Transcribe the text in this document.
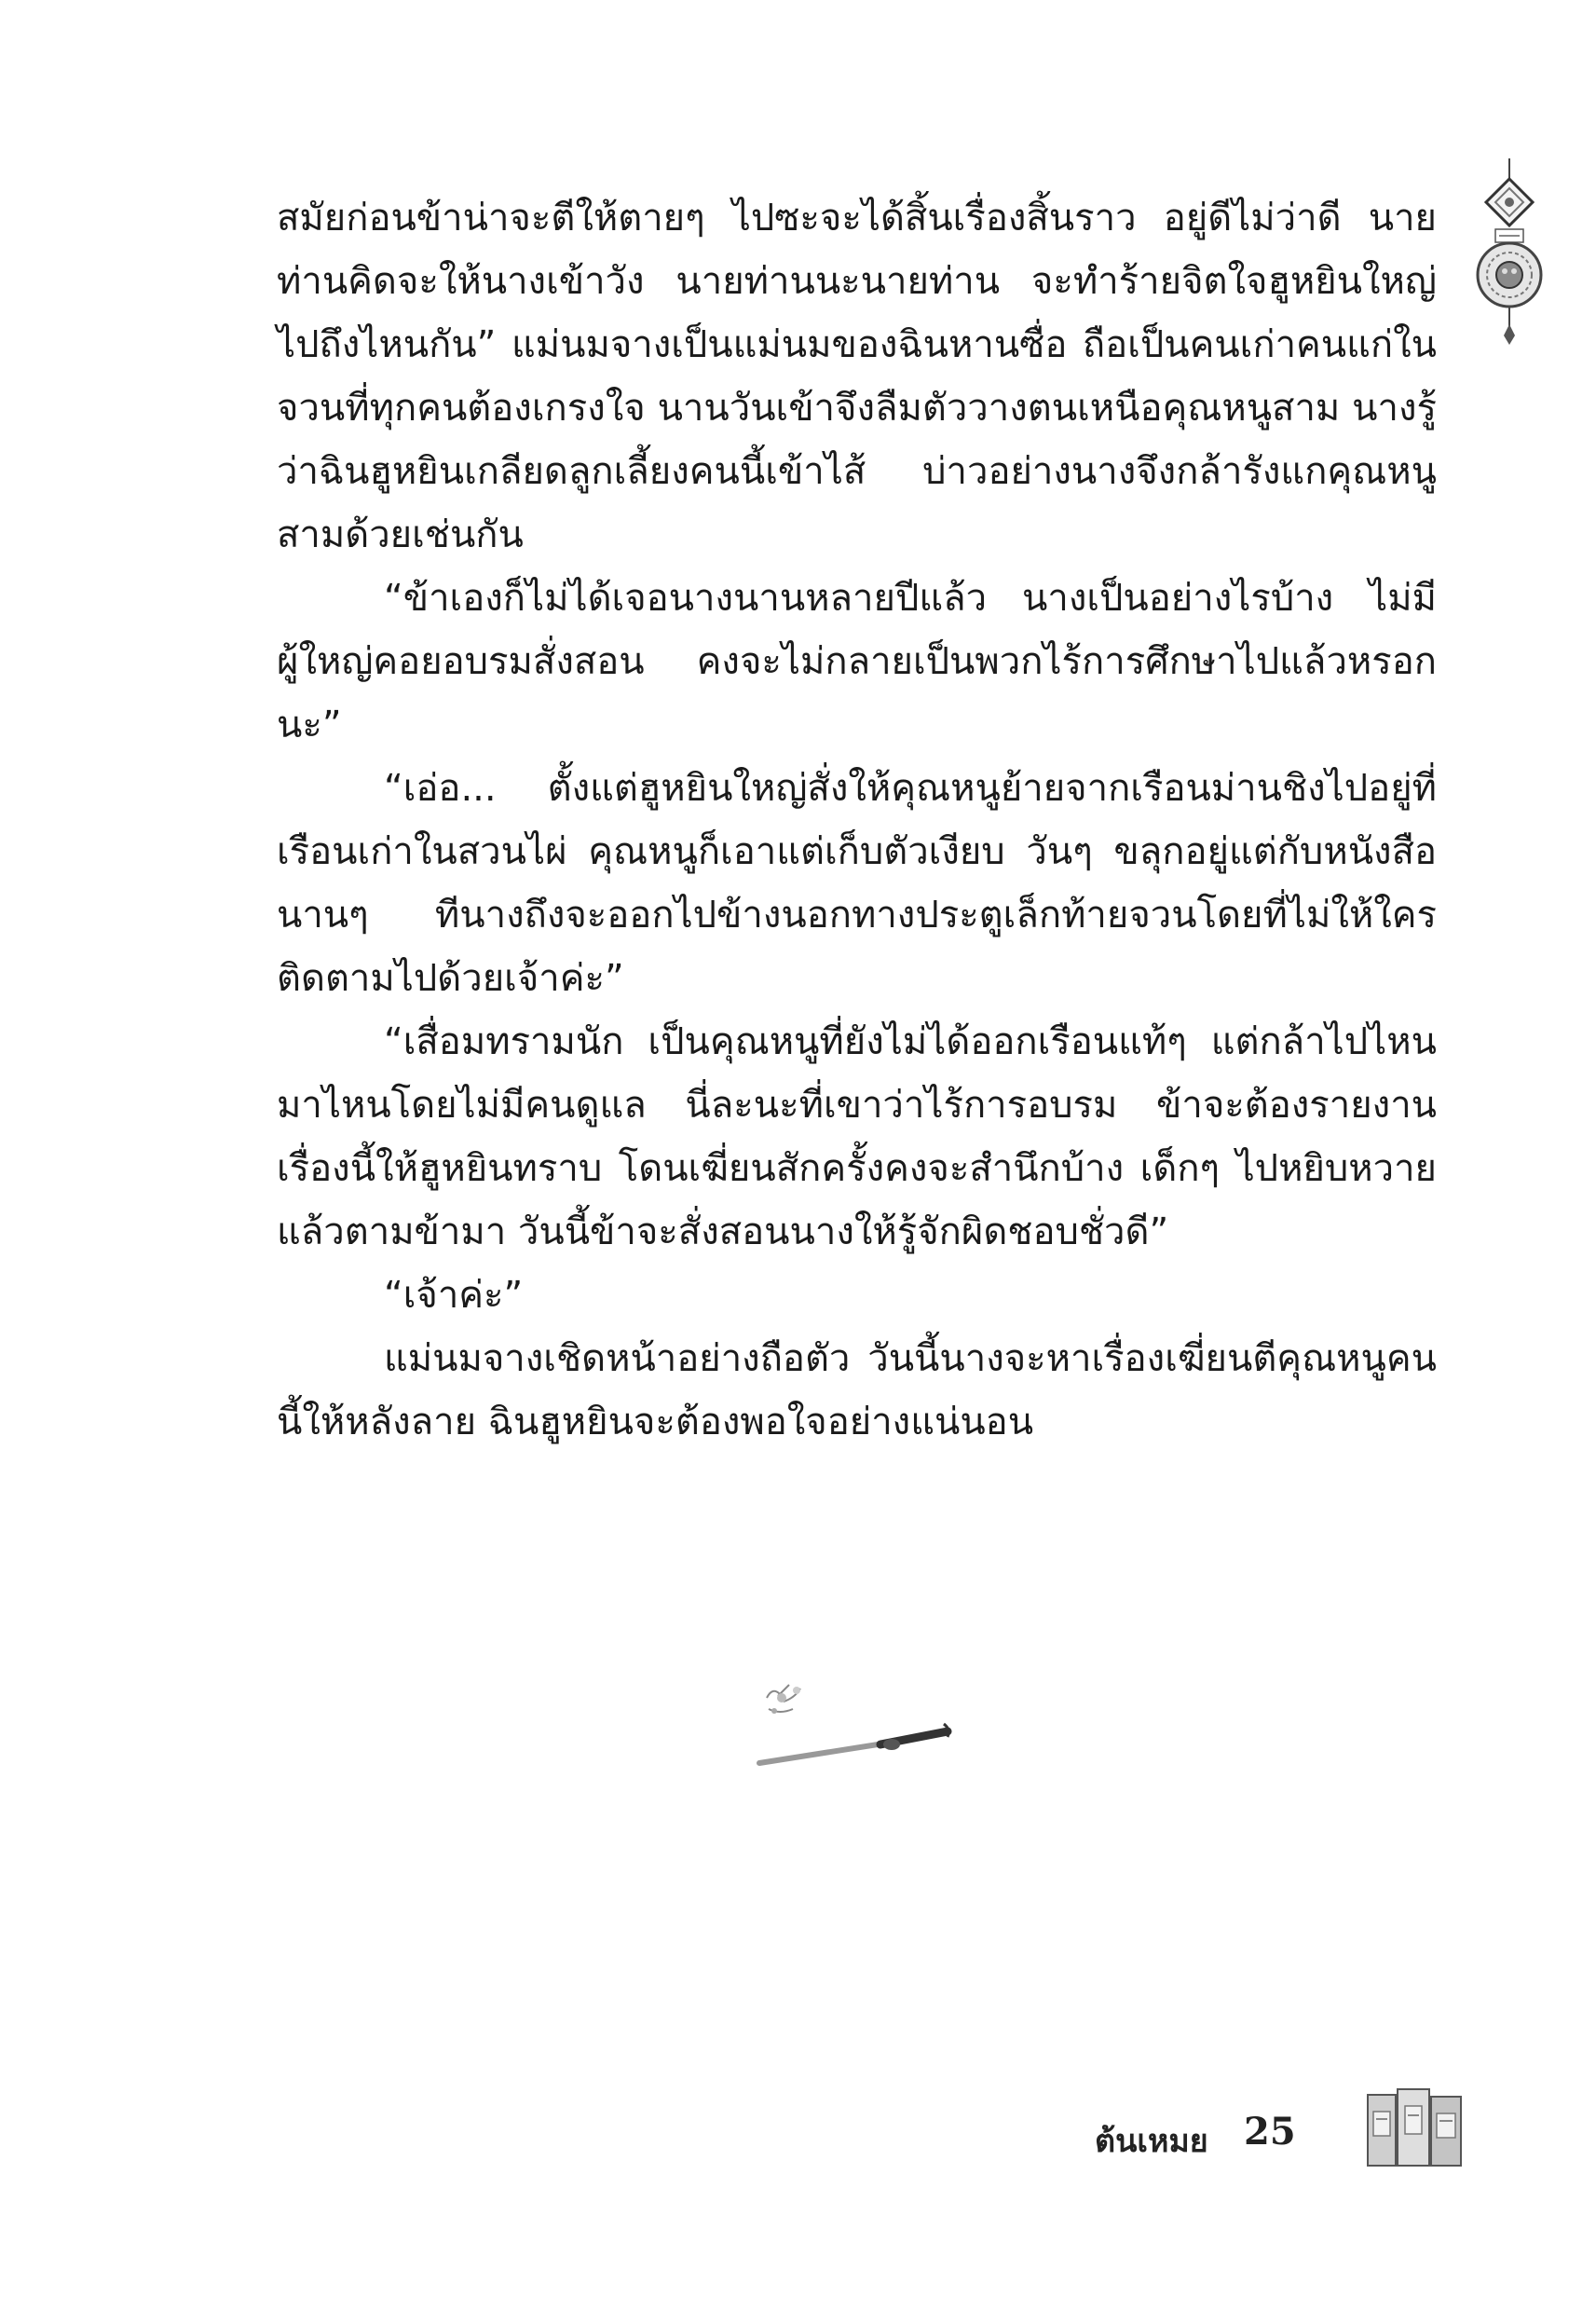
สมัยก่อนข้าน่าจะตีให้ตายๆ ไปซะจะได้สิ้นเรื่องสิ้นราว อยู่ดีไม่ว่าดี นายท่านคิดจะให้นางเข้าวัง นายท่านนะนายท่าน จะทำร้ายจิตใจฮูหยินใหญ่ไปถึงไหนกัน” แม่นมจางเป็นแม่นมของฉินหานซื่อ ถือเป็นคนเก่าคนแก่ในจวนที่ทุกคนต้องเกรงใจ นานวันเข้าจึงลืมตัววางตนเหนือคุณหนูสาม นางรู้ว่าฉินฮูหยินเกลียดลูกเลี้ยงคนนี้เข้าไส้ บ่าวอย่างนางจึงกล้ารังแกคุณหนูสามด้วยเช่นกัน

“ข้าเองก็ไม่ได้เจอนางนานหลายปีแล้ว นางเป็นอย่างไรบ้าง ไม่มีผู้ใหญ่คอยอบรมสั่งสอน คงจะไม่กลายเป็นพวกไร้การศึกษาไปแล้วหรอกนะ”

“เอ่อ... ตั้งแต่ฮูหยินใหญ่สั่งให้คุณหนูย้ายจากเรือนม่านชิงไปอยู่ที่เรือนเก่าในสวนไผ่ คุณหนูก็เอาแต่เก็บตัวเงียบ วันๆ ขลุกอยู่แต่กับหนังสือ นานๆ ทีนางถึงจะออกไปข้างนอกทางประตูเล็กท้ายจวนโดยที่ไม่ให้ใครติดตามไปด้วยเจ้าค่ะ”

“เสื่อมทรามนัก เป็นคุณหนูที่ยังไม่ได้ออกเรือนแท้ๆ แต่กล้าไปไหนมาไหนโดยไม่มีคนดูแล นี่ละนะที่เขาว่าไร้การอบรม ข้าจะต้องรายงานเรื่องนี้ให้ฮูหยินทราบ โดนเฆี่ยนสักครั้งคงจะสำนึกบ้าง เด็กๆ ไปหยิบหวายแล้วตามข้ามา วันนี้ข้าจะสั่งสอนนางให้รู้จักผิดชอบชั่วดี”

“เจ้าค่ะ”

แม่นมจางเชิดหน้าอย่างถือตัว วันนี้นางจะหาเรื่องเฆี่ยนตีคุณหนูคนนี้ให้หลังลาย ฉินฮูหยินจะต้องพอใจอย่างแน่นอน

ต้นเหมย 25
